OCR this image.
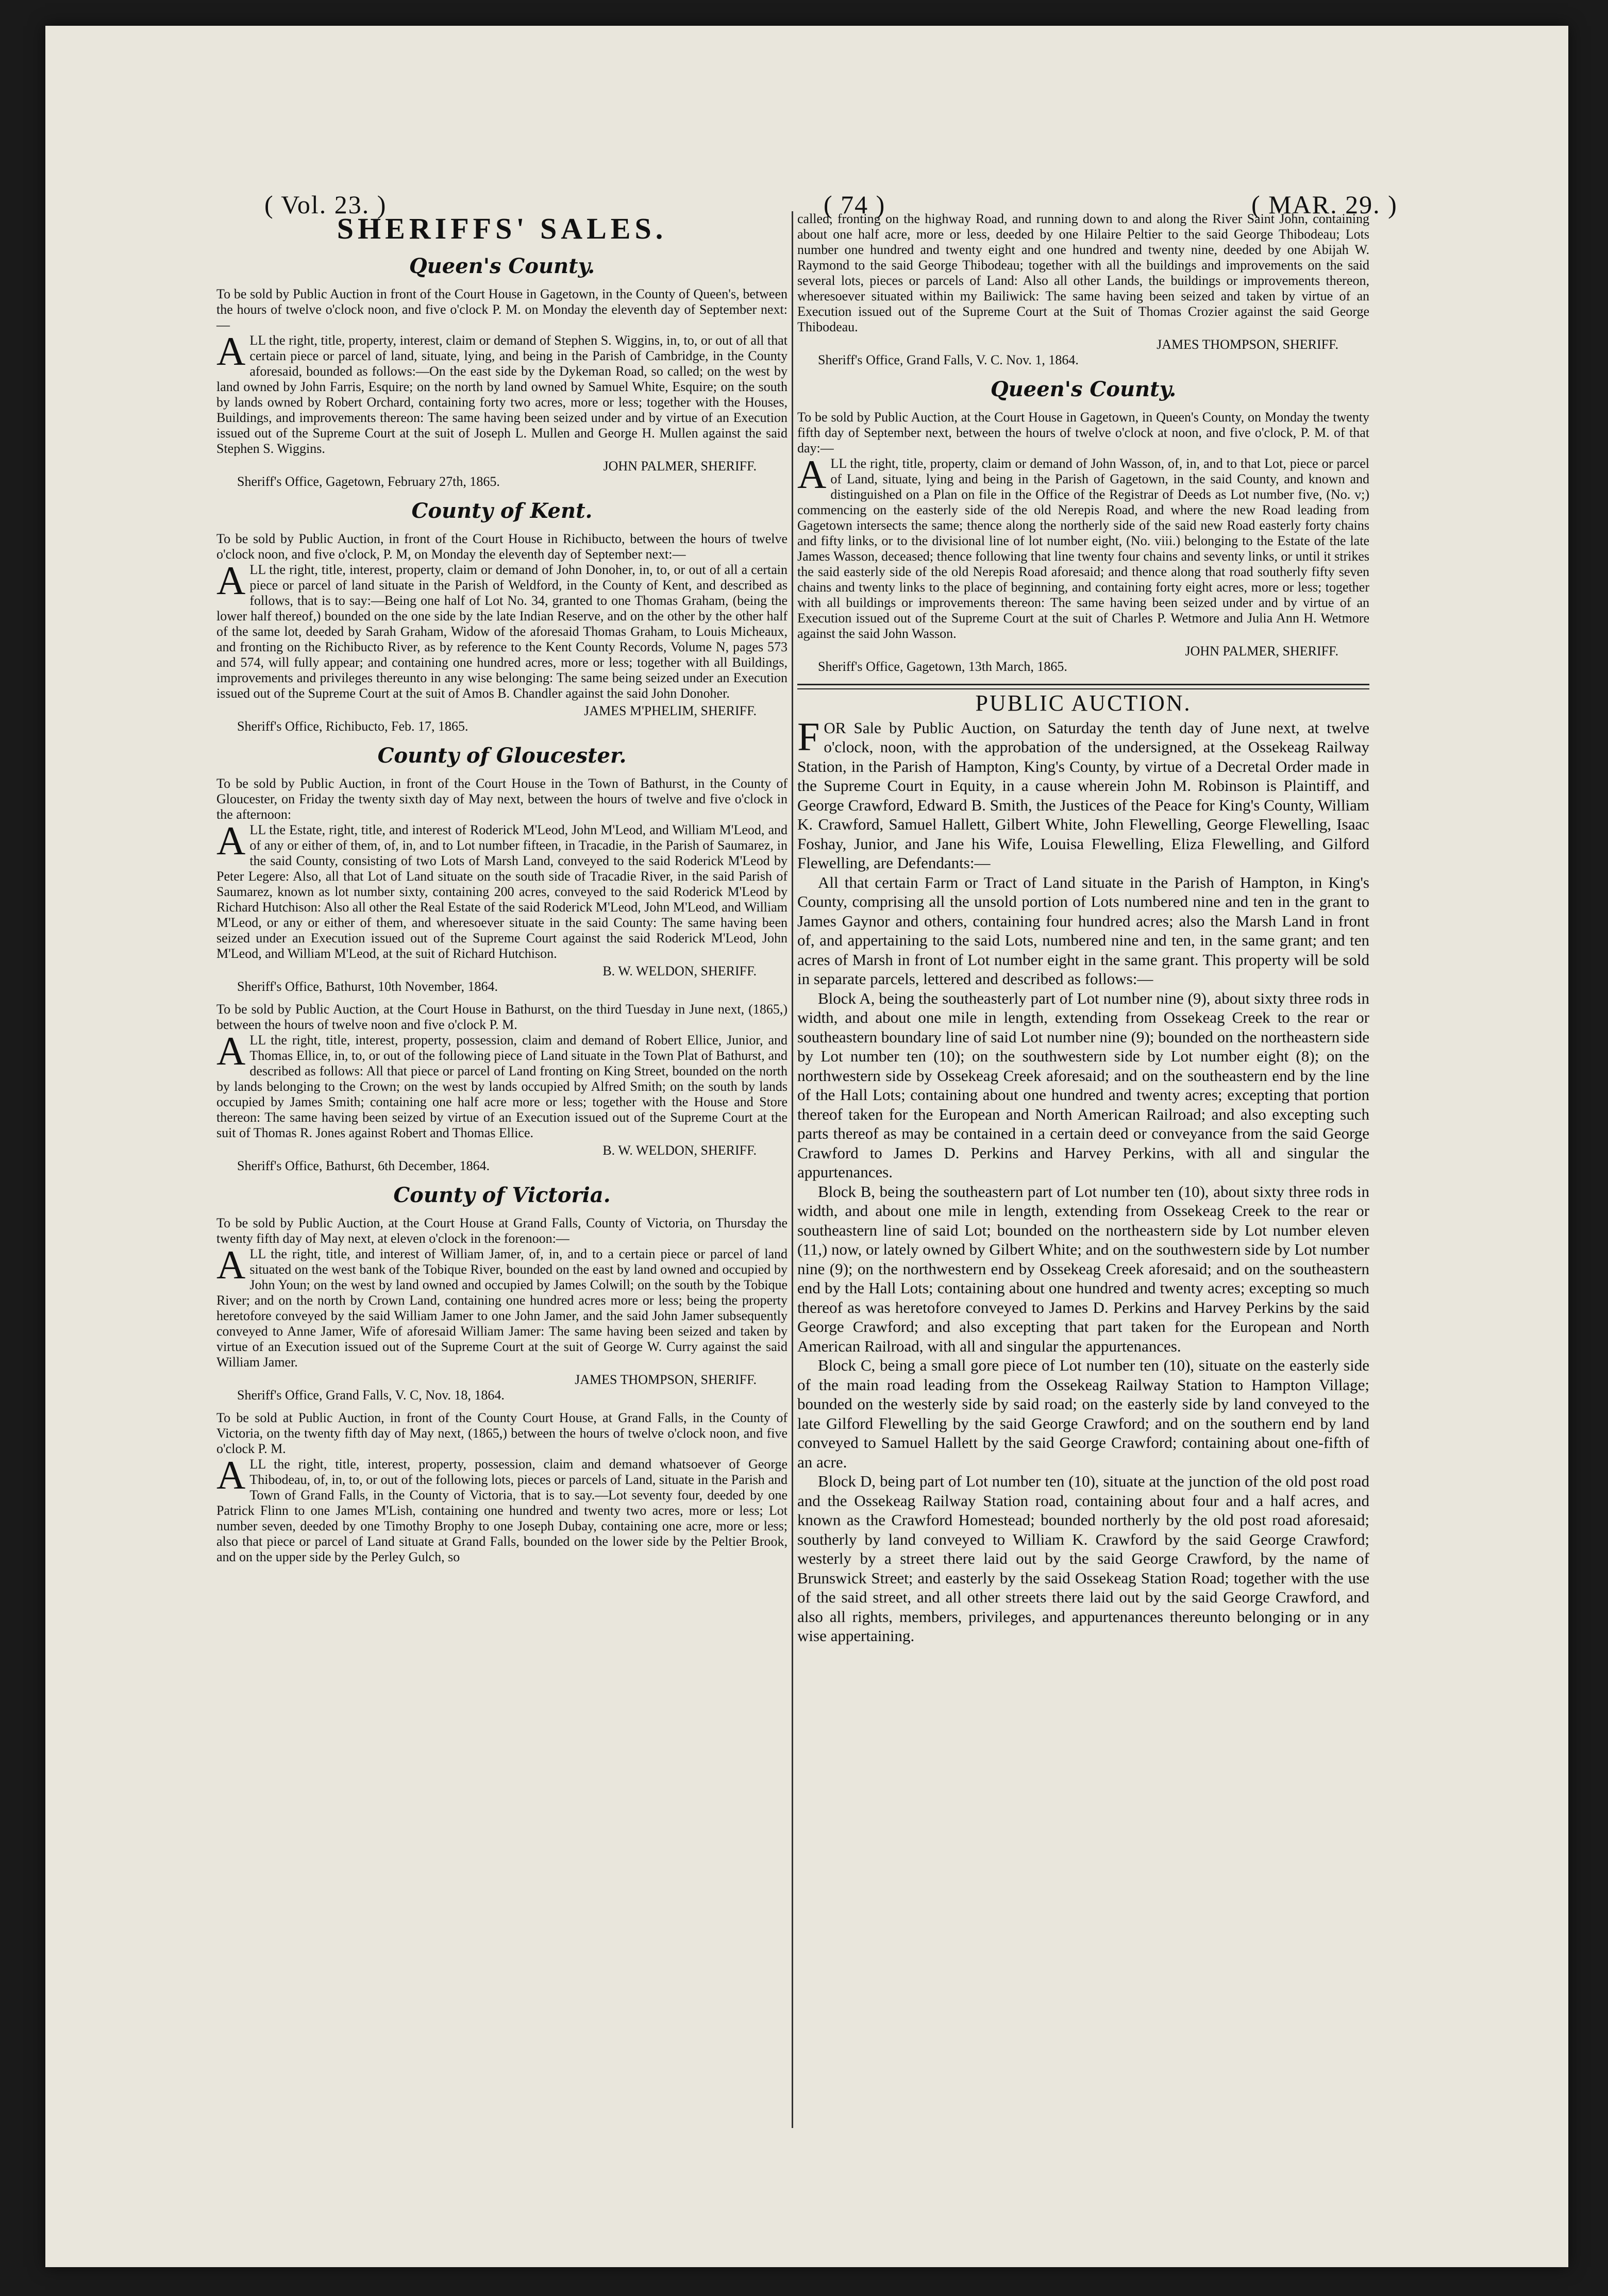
( Vol. 23. )	( 74 )	( MAR. 29. )
SHERIFFS' SALES.
Queen's County.

To be sold by Public Auction in front of the Court House in Gagetown, in the County of Queen's, between the hours of twelve o'clock noon, and five o'clock P. M. on Monday the eleventh day of September next:—

ALL the right, title, property, interest, claim or demand of Stephen S. Wiggins, in, to, or out of all that certain piece or parcel of land, situate, lying, and being in the Parish of Cambridge, in the County aforesaid, bounded as follows:—On the east side by the Dykeman Road, so called; on the west by land owned by John Farris, Esquire; on the north by land owned by Samuel White, Esquire; on the south by lands owned by Robert Orchard, containing forty two acres, more or less; together with the Houses, Buildings, and improvements thereon: The same having been seized under and by virtue of an Execution issued out of the Supreme Court at the suit of Joseph L. Mullen and George H. Mullen against the said Stephen S. Wiggins.

JOHN PALMER, SHERIFF.

Sheriff's Office, Gagetown, February 27th, 1865.

County of Kent.

To be sold by Public Auction, in front of the Court House in Richibucto, between the hours of twelve o'clock noon, and five o'clock, P. M, on Monday the eleventh day of September next:—

ALL the right, title, interest, property, claim or demand of John Donoher, in, to, or out of all a certain piece or parcel of land situate in the Parish of Weldford, in the County of Kent, and described as follows, that is to say:—Being one half of Lot No. 34, granted to one Thomas Graham, (being the lower half thereof,) bounded on the one side by the late Indian Reserve, and on the other by the other half of the same lot, deeded by Sarah Graham, Widow of the aforesaid Thomas Graham, to Louis Micheaux, and fronting on the Richibucto River, as by reference to the Kent County Records, Volume N, pages 573 and 574, will fully appear; and containing one hundred acres, more or less; together with all Buildings, improvements and privileges thereunto in any wise belonging: The same being seized under an Execution issued out of the Supreme Court at the suit of Amos B. Chandler against the said John Donoher.

JAMES M'PHELIM, SHERIFF.

Sheriff's Office, Richibucto, Feb. 17, 1865.

County of Gloucester.

To be sold by Public Auction, in front of the Court House in the Town of Bathurst, in the County of Gloucester, on Friday the twenty sixth day of May next, between the hours of twelve and five o'clock in the afternoon:

ALL the Estate, right, title, and interest of Roderick M'Leod, John M'Leod, and William M'Leod, and of any or either of them, of, in, and to Lot number fifteen, in Tracadie, in the Parish of Saumarez, in the said County, consisting of two Lots of Marsh Land, conveyed to the said Roderick M'Leod by Peter Legere: Also, all that Lot of Land situate on the south side of Tracadie River, in the said Parish of Saumarez, known as lot number sixty, containing 200 acres, conveyed to the said Roderick M'Leod by Richard Hutchison: Also all other the Real Estate of the said Roderick M'Leod, John M'Leod, and William M'Leod, or any or either of them, and wheresoever situate in the said County: The same having been seized under an Execution issued out of the Supreme Court against the said Roderick M'Leod, John M'Leod, and William M'Leod, at the suit of Richard Hutchison.

B. W. WELDON, SHERIFF.

Sheriff's Office, Bathurst, 10th November, 1864.

To be sold by Public Auction, at the Court House in Bathurst, on the third Tuesday in June next, (1865,) between the hours of twelve noon and five o'clock P. M.

ALL the right, title, interest, property, possession, claim and demand of Robert Ellice, Junior, and Thomas Ellice, in, to, or out of the following piece of Land situate in the Town Plat of Bathurst, and described as follows: All that piece or parcel of Land fronting on King Street, bounded on the north by lands belonging to the Crown; on the west by lands occupied by Alfred Smith; on the south by lands occupied by James Smith; containing one half acre more or less; together with the House and Store thereon: The same having been seized by virtue of an Execution issued out of the Supreme Court at the suit of Thomas R. Jones against Robert and Thomas Ellice.

B. W. WELDON, SHERIFF.

Sheriff's Office, Bathurst, 6th December, 1864.

County of Victoria.

To be sold by Public Auction, at the Court House at Grand Falls, County of Victoria, on Thursday the twenty fifth day of May next, at eleven o'clock in the forenoon:—

ALL the right, title, and interest of William Jamer, of, in, and to a certain piece or parcel of land situated on the west bank of the Tobique River, bounded on the east by land owned and occupied by John Youn; on the west by land owned and occupied by James Colwill; on the south by the Tobique River; and on the north by Crown Land, containing one hundred acres more or less; being the property heretofore conveyed by the said William Jamer to one John Jamer, and the said John Jamer subsequently conveyed to Anne Jamer, Wife of aforesaid William Jamer: The same having been seized and taken by virtue of an Execution issued out of the Supreme Court at the suit of George W. Curry against the said William Jamer.

JAMES THOMPSON, SHERIFF.

Sheriff's Office, Grand Falls, V. C, Nov. 18, 1864.

To be sold at Public Auction, in front of the County Court House, at Grand Falls, in the County of Victoria, on the twenty fifth day of May next, (1865,) between the hours of twelve o'clock noon, and five o'clock P. M.

ALL the right, title, interest, property, possession, claim and demand whatsoever of George Thibodeau, of, in, to, or out of the following lots, pieces or parcels of Land, situate in the Parish and Town of Grand Falls, in the County of Victoria, that is to say.—Lot seventy four, deeded by one Patrick Flinn to one James M'Lish, containing one hundred and twenty two acres, more or less; Lot number seven, deeded by one Timothy Brophy to one Joseph Dubay, containing one acre, more or less; also that piece or parcel of Land situate at Grand Falls, bounded on the lower side by the Peltier Brook, and on the upper side by the Perley Gulch, so

called, fronting on the highway Road, and running down to and along the River Saint John, containing about one half acre, more or less, deeded by one Hilaire Peltier to the said George Thibodeau; Lots number one hundred and twenty eight and one hundred and twenty nine, deeded by one Abijah W. Raymond to the said George Thibodeau; together with all the buildings and improvements on the said several lots, pieces or parcels of Land: Also all other Lands, the buildings or improvements thereon, wheresoever situated within my Bailiwick: The same having been seized and taken by virtue of an Execution issued out of the Supreme Court at the Suit of Thomas Crozier against the said George Thibodeau.

JAMES THOMPSON, SHERIFF.

Sheriff's Office, Grand Falls, V. C. Nov. 1, 1864.

Queen's County.

To be sold by Public Auction, at the Court House in Gagetown, in Queen's County, on Monday the twenty fifth day of September next, between the hours of twelve o'clock at noon, and five o'clock, P. M. of that day:—

ALL the right, title, property, claim or demand of John Wasson, of, in, and to that Lot, piece or parcel of Land, situate, lying and being in the Parish of Gagetown, in the said County, and known and distinguished on a Plan on file in the Office of the Registrar of Deeds as Lot number five, (No. v;) commencing on the easterly side of the old Nerepis Road, and where the new Road leading from Gagetown intersects the same; thence along the northerly side of the said new Road easterly forty chains and fifty links, or to the divisional line of lot number eight, (No. viii.) belonging to the Estate of the late James Wasson, deceased; thence following that line twenty four chains and seventy links, or until it strikes the said easterly side of the old Nerepis Road aforesaid; and thence along that road southerly fifty seven chains and twenty links to the place of beginning, and containing forty eight acres, more or less; together with all buildings or improvements thereon: The same having been seized under and by virtue of an Execution issued out of the Supreme Court at the suit of Charles P. Wetmore and Julia Ann H. Wetmore against the said John Wasson.

JOHN PALMER, SHERIFF.

Sheriff's Office, Gagetown, 13th March, 1865.

PUBLIC AUCTION.

FOR Sale by Public Auction, on Saturday the tenth day of June next, at twelve o'clock, noon, with the approbation of the undersigned, at the Ossekeag Railway Station, in the Parish of Hampton, King's County, by virtue of a Decretal Order made in the Supreme Court in Equity, in a cause wherein John M. Robinson is Plaintiff, and George Crawford, Edward B. Smith, the Justices of the Peace for King's County, William K. Crawford, Samuel Hallett, Gilbert White, John Flewelling, George Flewelling, Isaac Foshay, Junior, and Jane his Wife, Louisa Flewelling, Eliza Flewelling, and Gilford Flewelling, are Defendants:—

All that certain Farm or Tract of Land situate in the Parish of Hampton, in King's County, comprising all the unsold portion of Lots numbered nine and ten in the grant to James Gaynor and others, containing four hundred acres; also the Marsh Land in front of, and appertaining to the said Lots, numbered nine and ten, in the same grant; and ten acres of Marsh in front of Lot number eight in the same grant. This property will be sold in separate parcels, lettered and described as follows:—

Block A, being the southeasterly part of Lot number nine (9), about sixty three rods in width, and about one mile in length, extending from Ossekeag Creek to the rear or southeastern boundary line of said Lot number nine (9); bounded on the northeastern side by Lot number ten (10); on the southwestern side by Lot number eight (8); on the northwestern side by Ossekeag Creek aforesaid; and on the southeastern end by the line of the Hall Lots; containing about one hundred and twenty acres; excepting that portion thereof taken for the European and North American Railroad; and also excepting such parts thereof as may be contained in a certain deed or conveyance from the said George Crawford to James D. Perkins and Harvey Perkins, with all and singular the appurtenances.

Block B, being the southeastern part of Lot number ten (10), about sixty three rods in width, and about one mile in length, extending from Ossekeag Creek to the rear or southeastern line of said Lot; bounded on the northeastern side by Lot number eleven (11,) now, or lately owned by Gilbert White; and on the southwestern side by Lot number nine (9); on the northwestern end by Ossekeag Creek aforesaid; and on the southeastern end by the Hall Lots; containing about one hundred and twenty acres; excepting so much thereof as was heretofore conveyed to James D. Perkins and Harvey Perkins by the said George Crawford; and also excepting that part taken for the European and North American Railroad, with all and singular the appurtenances.

Block C, being a small gore piece of Lot number ten (10), situate on the easterly side of the main road leading from the Ossekeag Railway Station to Hampton Village; bounded on the westerly side by said road; on the easterly side by land conveyed to the late Gilford Flewelling by the said George Crawford; and on the southern end by land conveyed to Samuel Hallett by the said George Crawford; containing about one-fifth of an acre.

Block D, being part of Lot number ten (10), situate at the junction of the old post road and the Ossekeag Railway Station road, containing about four and a half acres, and known as the Crawford Homestead; bounded northerly by the old post road aforesaid; southerly by land conveyed to William K. Crawford by the said George Crawford; westerly by a street there laid out by the said George Crawford, by the name of Brunswick Street; and easterly by the said Ossekeag Station Road; together with the use of the said street, and all other streets there laid out by the said George Crawford, and also all rights, members, privileges, and appurtenances thereunto belonging or in any wise appertaining.
